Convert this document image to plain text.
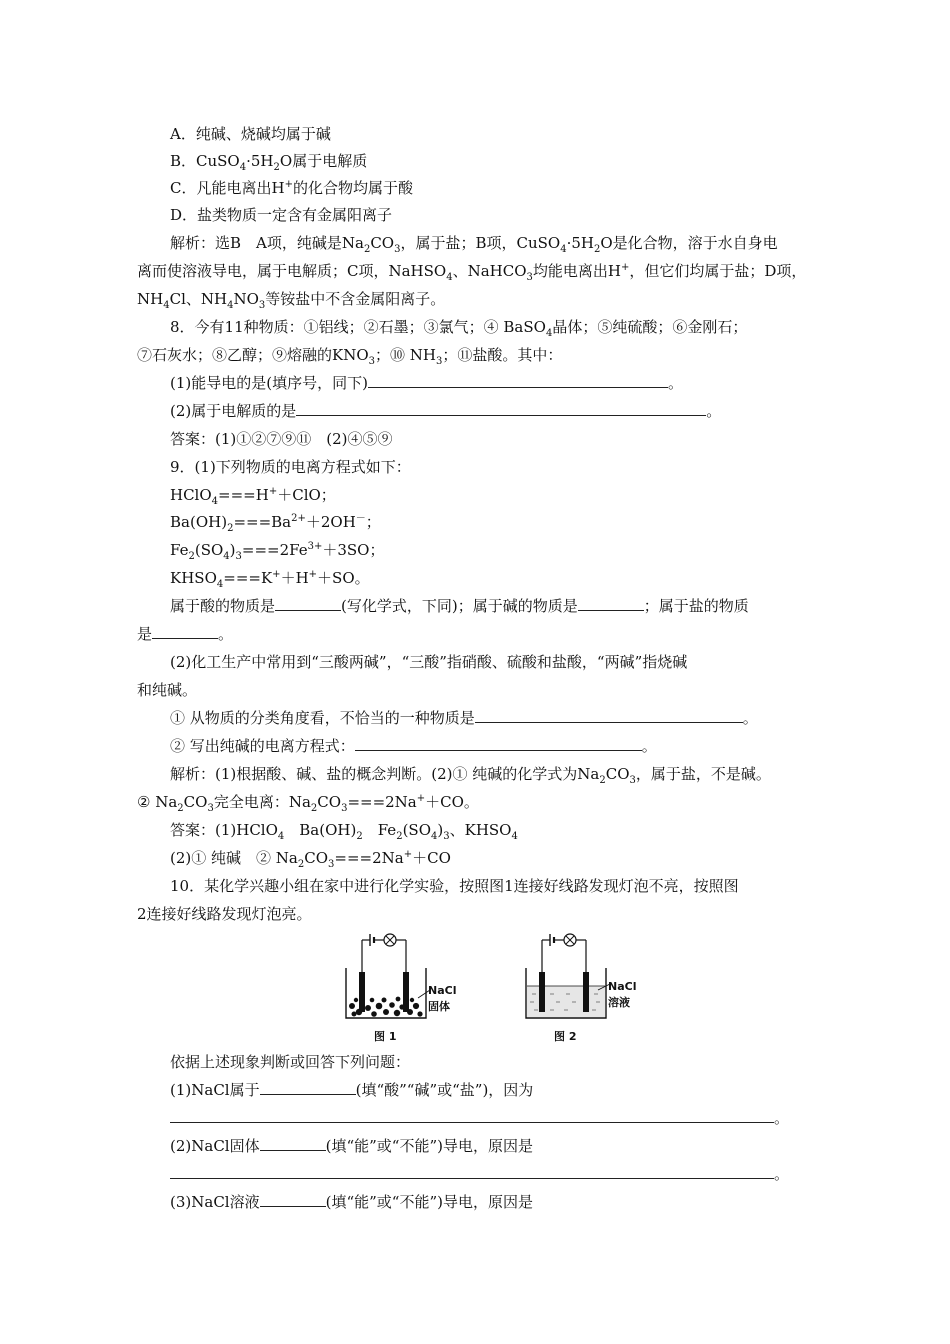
A．纯碱、烧碱均属于碱
B．$CuSO_4\cdot 5H_2O$属于电解质
C．凡能电离出H+的化合物均属于酸
D．盐类物质一定含有金属阳离子
解析：选B　A项，纯碱是$Na_2CO_3$，属于盐；B项，$CuSO_4\cdot 5H_2O$是化合物，溶于水自身电
离而使溶液导电，属于电解质；C项，NaHSO$_4$、NaHCO$_3$均能电离出H+，但它们均属于盐；D项，
$NH_4Cl$、$NH_4NO_3$等铵盐中不含金属阳离子。
8．今有11种物质：①铝线；②石墨；③氯气；④ BaSO$_4$晶体；⑤纯硫酸；⑥金刚石；
⑦石灰水；⑧乙醇；⑨熔融的$KNO_3$；⑩ $NH_3$；⑪盐酸。其中：
(1)能导电的是(填序号，同下)	。
(2)属于电解质的是	。
答案：(1)①②⑦⑨⑪　(2)④⑤⑨
9．(1)下列物质的电离方程式如下：
HClO$_4$===H+＋ClO；
$Ba(OH)_2===Ba^{2+}+2OH^-$；
$Fe_2(SO_4)_3===2Fe^{3+}+3SO$；
$KHSO_4===K^++H^++SO$。
属于酸的物质是	(写化学式，下同)；属于碱的物质是	；属于盐的物质
是	。
(2)化工生产中常用到“三酸两碱”，“三酸”指硝酸、硫酸和盐酸，“两碱”指烧碱
和纯碱。
① 从物质的分类角度看，不恰当的一种物质是	。
② 写出纯碱的电离方程式：	。
解析：(1)根据酸、碱、盐的概念判断。(2)① 纯碱的化学式为$Na_2CO_3$，属于盐，不是碱。
② $Na_2CO_3$完全电离：$Na_2CO_3===2Na^++CO$。
答案：(1)HClO$_4$　$Ba(OH)_2$　$Fe_2(SO_4)_3$、$KHSO_4$
(2)① 纯碱　② $Na_2CO_3===2Na^++CO$
10．某化学兴趣小组在家中进行化学实验，按照图1连接好线路发现灯泡不亮，按照图
2连接好线路发现灯泡亮。
NaCl
固体
图 1
NaCl
溶液
图 2
依据上述现象判断或回答下列问题：
(1)NaCl属于	(填“酸”“碱”或“盐”)，因为
。
(2)NaCl固体	(填“能”或“不能”)导电，原因是
。
(3)NaCl溶液	(填“能”或“不能”)导电，原因是
